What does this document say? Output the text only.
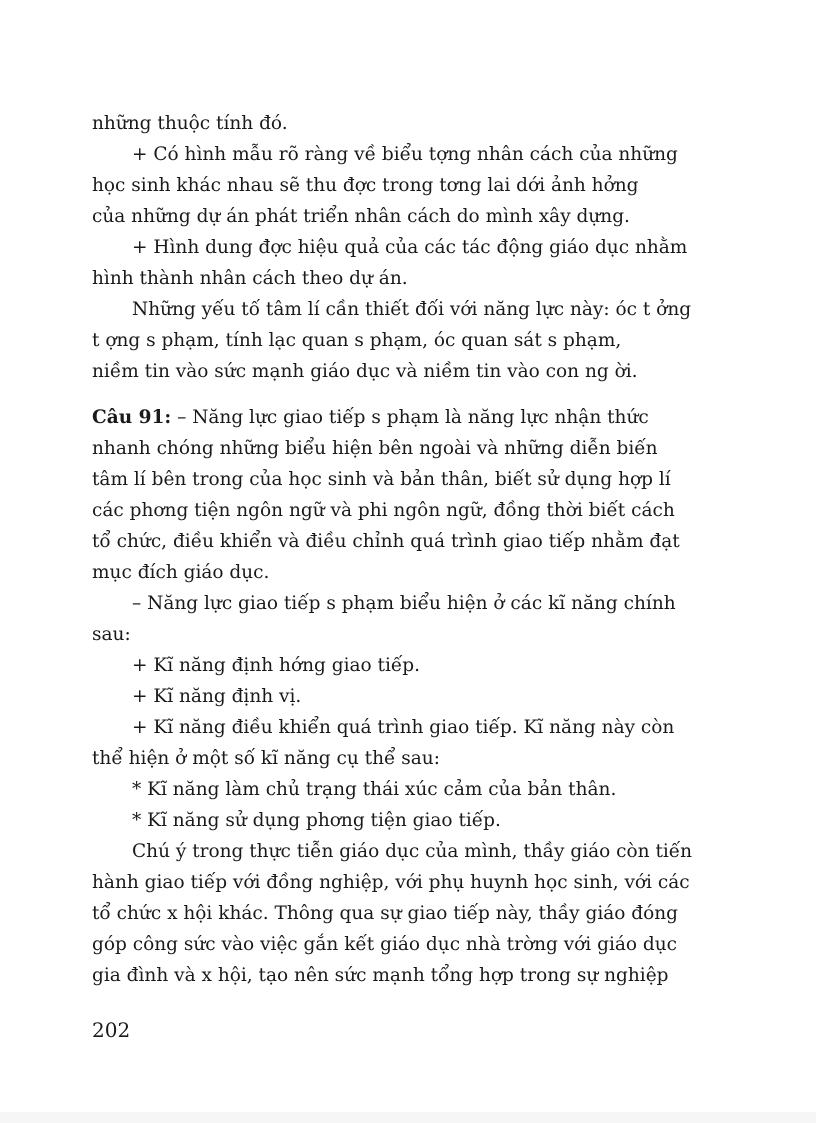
những thuộc tính đó.
+ Có hình mẫu rõ ràng về biểu tợng nhân cách của những
học sinh khác nhau sẽ thu đợc trong tơng lai dới ảnh hởng
của những dự án phát triển nhân cách do mình xây dựng.
+ Hình dung đợc hiệu quả của các tác động giáo dục nhằm
hình thành nhân cách theo dự án.
Những yếu tố tâm lí cần thiết đối với năng lực này: óc t ởng
t ợng s phạm, tính lạc quan s phạm, óc quan sát s phạm,
niềm tin vào sức mạnh giáo dục và niềm tin vào con ng ời.
Câu 91: – Năng lực giao tiếp s phạm là năng lực nhận thức
nhanh chóng những biểu hiện bên ngoài và những diễn biến
tâm lí bên trong của học sinh và bản thân, biết sử dụng hợp lí
các phơng tiện ngôn ngữ và phi ngôn ngữ, đồng thời biết cách
tổ chức, điều khiển và điều chỉnh quá trình giao tiếp nhằm đạt
mục đích giáo dục.
– Năng lực giao tiếp s phạm biểu hiện ở các kĩ năng chính
sau:
+ Kĩ năng định hớng giao tiếp.
+ Kĩ năng định vị.
+ Kĩ năng điều khiển quá trình giao tiếp. Kĩ năng này còn
thể hiện ở một số kĩ năng cụ thể sau:
* Kĩ năng làm chủ trạng thái xúc cảm của bản thân.
* Kĩ năng sử dụng phơng tiện giao tiếp.
Chú ý trong thực tiễn giáo dục của mình, thầy giáo còn tiến
hành giao tiếp với đồng nghiệp, với phụ huynh học sinh, với các
tổ chức x hội khác. Thông qua sự giao tiếp này, thầy giáo đóng
góp công sức vào việc gắn kết giáo dục nhà trờng với giáo dục
gia đình và x hội, tạo nên sức mạnh tổng hợp trong sự nghiệp
202
